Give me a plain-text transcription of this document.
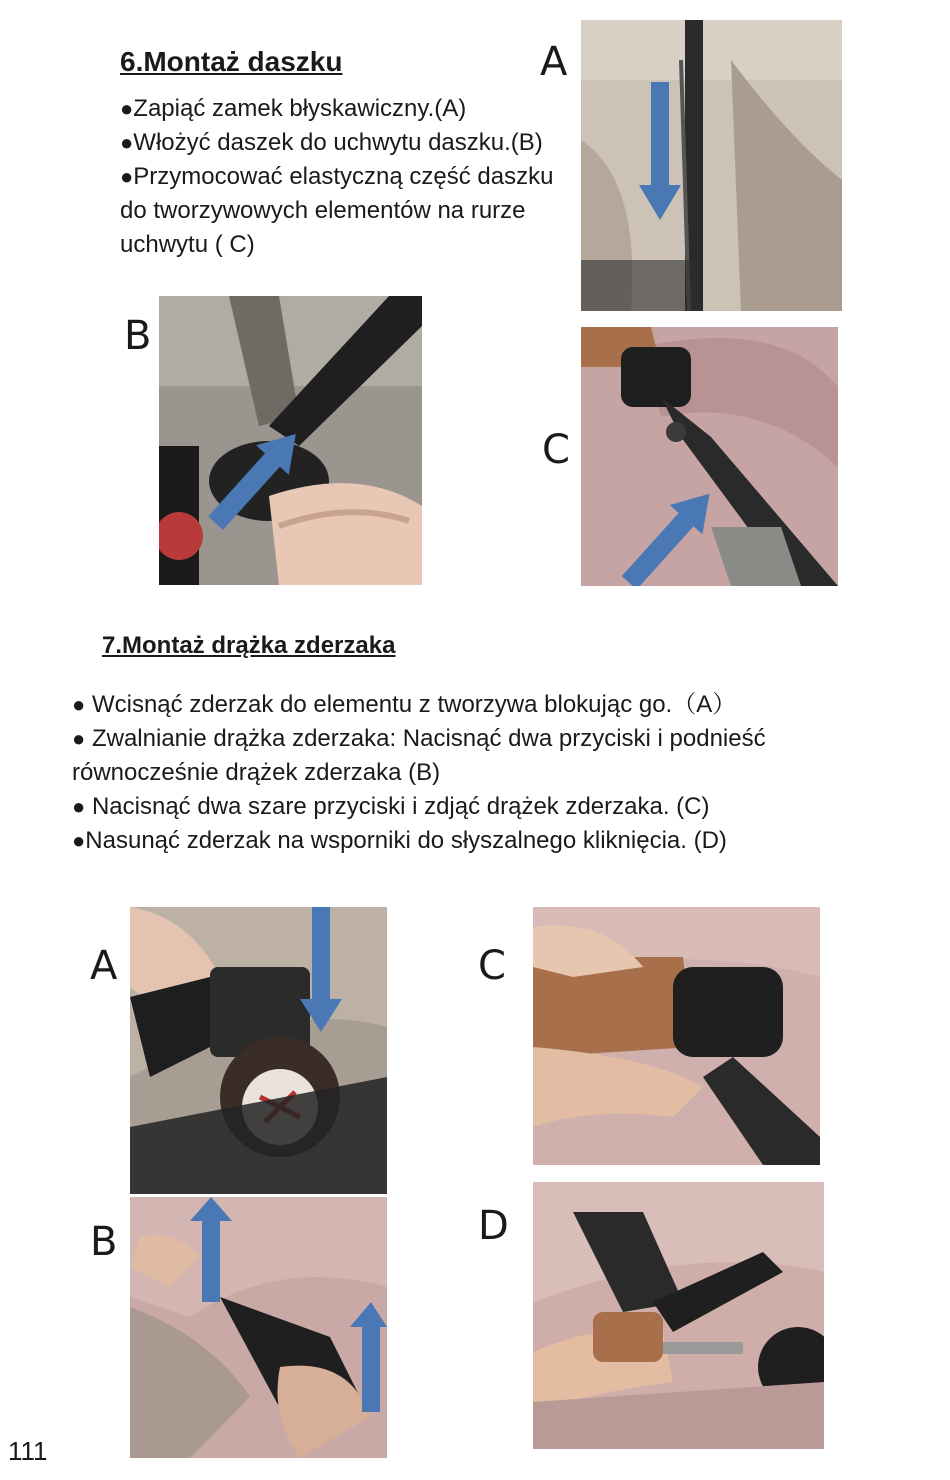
6.Montaż daszku
●Zapiąć zamek błyskawiczny.(A)
●Włożyć daszek do uchwytu daszku.(B)
●Przymocować elastyczną część daszku do tworzywowych elementów na rurze uchwytu ( C)
A
B
C
7.Montaż drążka zderzaka
● Wcisnąć zderzak do elementu z tworzywa blokując go.（A）
● Zwalnianie drążka zderzaka: Nacisnąć dwa przyciski i podnieść równocześnie drążek zderzaka (B)
● Nacisnąć dwa szare przyciski i zdjąć drążek zderzaka. (C)
●Nasunąć zderzak na wsporniki do słyszalnego kliknięcia. (D)
A
B
C
D
111
